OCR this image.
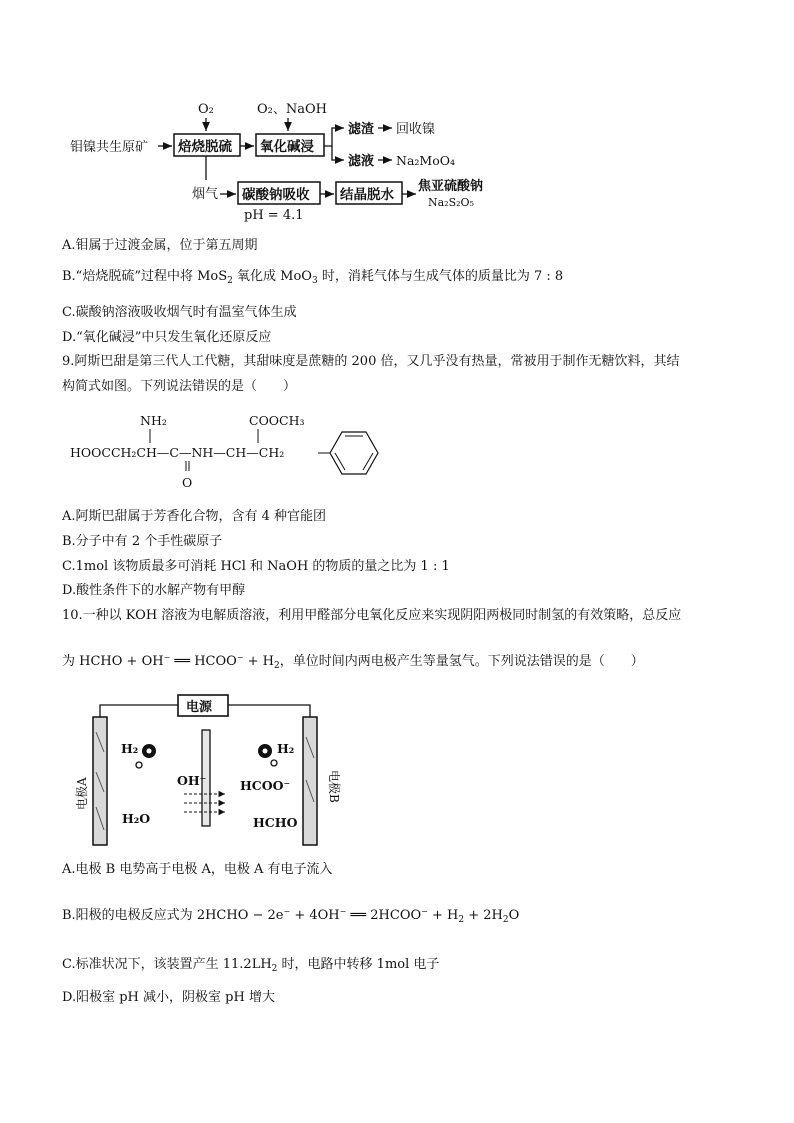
O₂	O₂、NaOH
钼镍共生原矿 焙烧脱硫 氧化碱浸
滤渣 回收镍
滤液 Na₂MoO₄
烟气 碳酸钠吸收 结晶脱水
焦亚硫酸钠
Na₂S₂O₅
pH = 4.1
A.钼属于过渡金属，位于第五周期
B.“焙烧脱硫”过程中将 MoS$_2$ 氧化成 MoO$_3$ 时，消耗气体与生成气体的质量比为 7 : 8
C.碳酸钠溶液吸收烟气时有温室气体生成
D.“氧化碱浸”中只发生氧化还原反应
9.阿斯巴甜是第三代人工代糖，其甜味度是蔗糖的 200 倍，又几乎没有热量，常被用于制作无糖饮料，其结
构简式如图。下列说法错误的是（　　）
NH₂	COOCH₃
HOOCCH₂CH—C—NH—CH—CH₂
O
A.阿斯巴甜属于芳香化合物，含有 4 种官能团
B.分子中有 2 个手性碳原子
C.1mol 该物质最多可消耗 HCl 和 NaOH 的物质的量之比为 1 : 1
D.酸性条件下的水解产物有甲醇
10.一种以 KOH 溶液为电解质溶液，利用甲醛部分电氧化反应来实现阴阳两极同时制氢的有效策略，总反应
为 HCHO + OH− ══ HCOO− + $H_2$，单位时间内两电极产生等量氢气。下列说法错误的是（　　）
电源
电极A	电极B
H₂	H₂
OH⁻	HCOO⁻
H₂O	HCHO
A.电极 B 电势高于电极 A，电极 A 有电子流入
B.阳极的电极反应式为 2HCHO − 2e− + 4OH− ══ 2HCOO− + $H_2 + 2H_2O$
C.标准状况下，该装置产生 $11.2LH_2$ 时，电路中转移 1mol 电子
D.阳极室 pH 减小，阴极室 pH 增大
